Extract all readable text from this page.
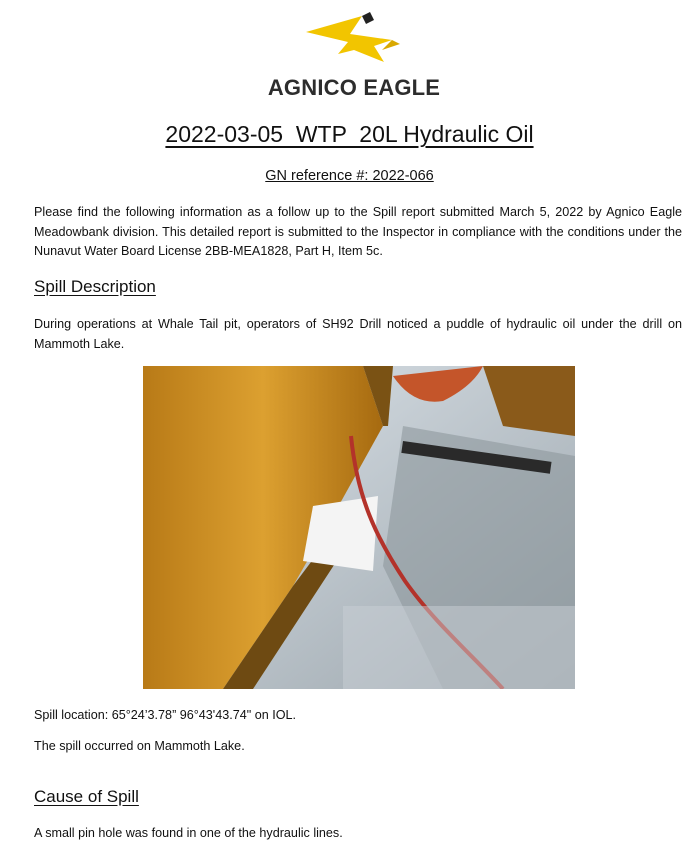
AGNICO EAGLE
2022-03-05  WTP  20L Hydraulic Oil
GN reference #: 2022-066
Please find the following information as a follow up to the Spill report submitted March 5, 2022 by Agnico Eagle Meadowbank division. This detailed report is submitted to the Inspector in compliance with the conditions under the Nunavut Water Board License 2BB-MEA1828, Part H, Item 5c.
Spill Description
During operations at Whale Tail pit, operators of SH92 Drill noticed a puddle of hydraulic oil under the drill on Mammoth Lake.
Spill location: 65°24’3.78” 96°43'43.74" on IOL.
The spill occurred on Mammoth Lake.
Cause of Spill
A small pin hole was found in one of the hydraulic lines.
